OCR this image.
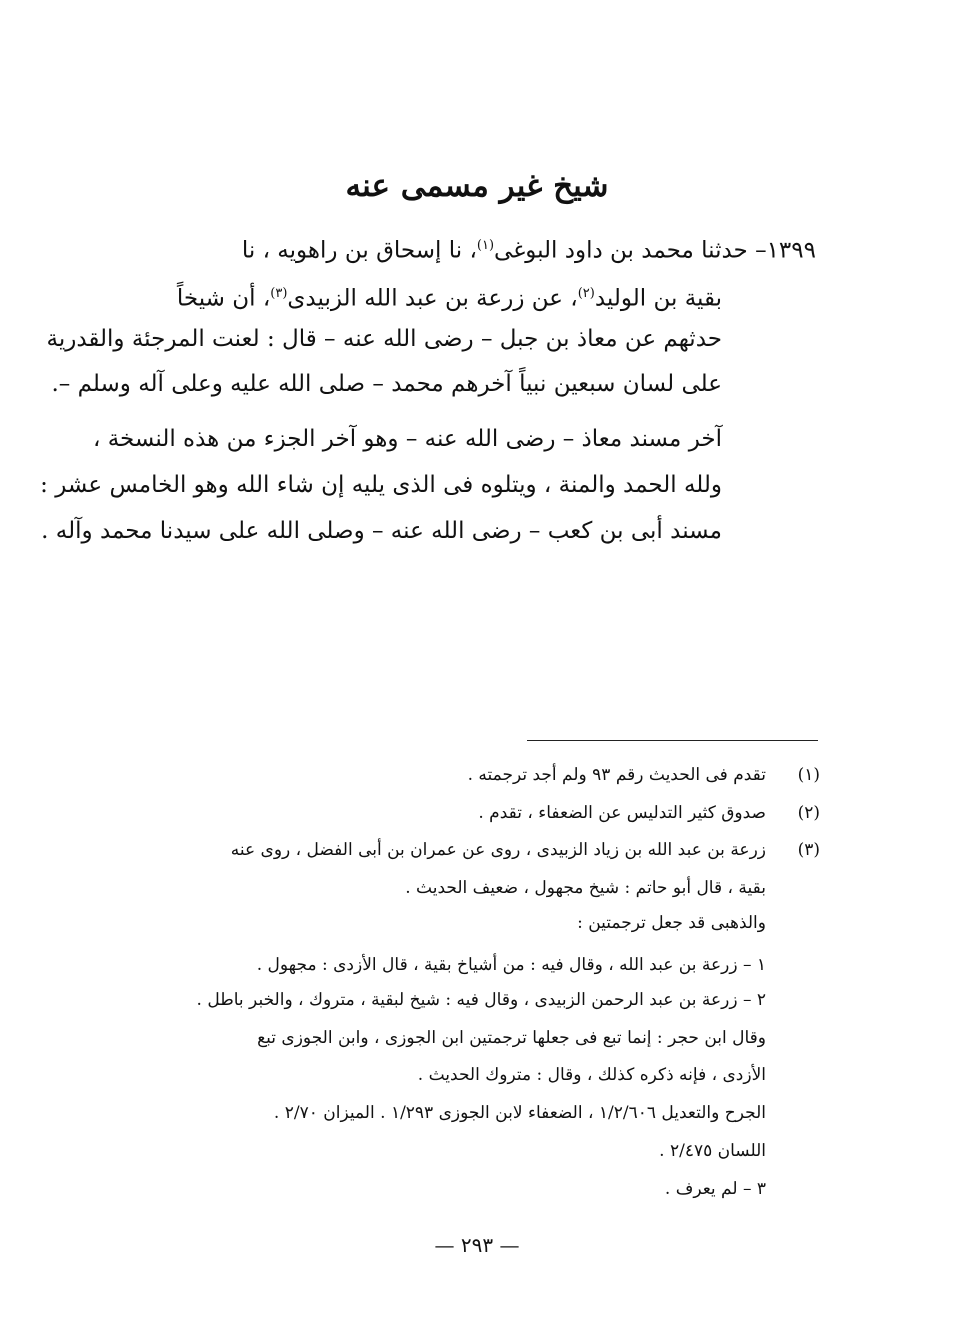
شيخ غير مسمى عنه
١٣٩٩– حدثنا محمد بن داود البوغى$^{(١)}$، نا إسحاق بن راهويه ، نا
بقية بن الوليد$^{(٢)}$، عن زرعة بن عبد الله الزبيدى$^{(٣)}$، أن شيخاً
حدثهم عن معاذ بن جبل – رضى الله عنه – قال : لعنت المرجئة والقدرية
على لسان سبعين نبياً آخرهم محمد – صلى الله عليه وعلى آله وسلم –.
آخر مسند معاذ – رضى الله عنه – وهو آخر الجزء من هذه النسخة ،
ولله الحمد والمنة ، ويتلوه فى الذى يليه إن شاء الله وهو الخامس عشر :
مسند أبى بن كعب – رضى الله عنه – وصلى الله على سيدنا محمد وآله .
(١)
تقدم فى الحديث رقم ٩٣ ولم أجد ترجمته .
(٢)
صدوق كثير التدليس عن الضعفاء ، تقدم .
(٣)
زرعة بن عبد الله بن زياد الزبيدى ، روى عن عمران بن أبى الفضل ، روى عنه
بقية ، قال أبو حاتم : شيخ مجهول ، ضعيف الحديث .
والذهبى قد جعل ترجمتين :
١ – زرعة بن عبد الله ، وقال فيه : من أشياخ بقية ، قال الأزدى : مجهول .
٢ – زرعة بن عبد الرحمن الزبيدى ، وقال فيه : شيخ لبقية ، متروك ، والخبر باطل .
وقال ابن حجر : إنما تبع فى جعلها ترجمتين ابن الجوزى ، وابن الجوزى تبع
الأزدى ، فإنه ذكره كذلك ، وقال : متروك الحديث .
الجرح والتعديل ١/٢/٦٠٦ ، الضعفاء لابن الجوزى ١/٢٩٣ . الميزان ٢/٧٠ .
اللسان ٢/٤٧٥ .
٣ – لم يعرف .
— ٢٩٣ —
